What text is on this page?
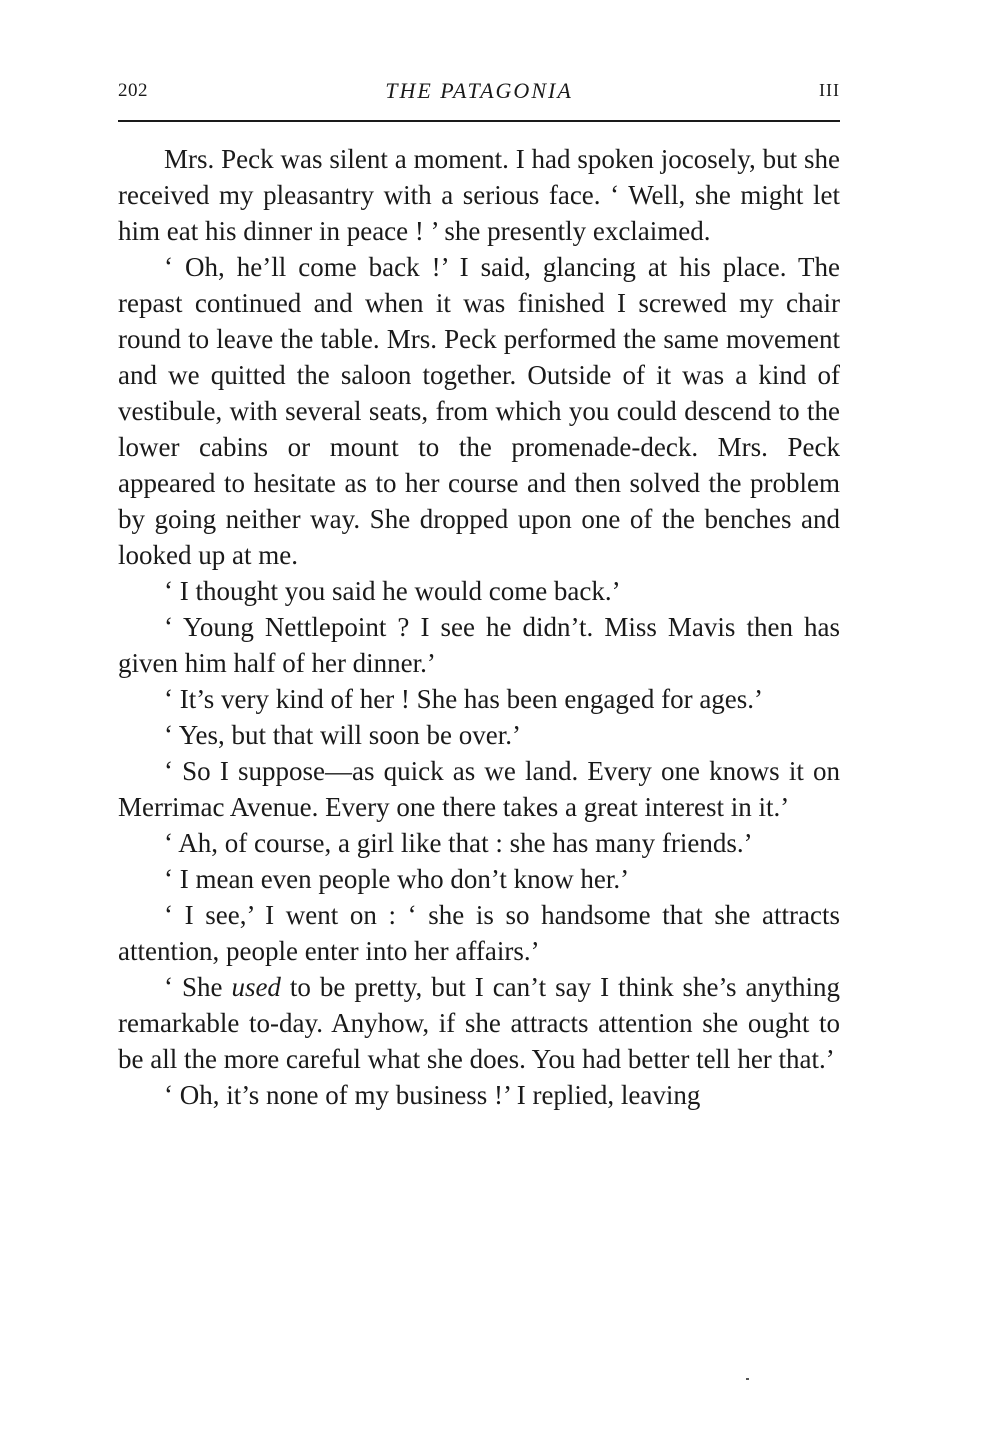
202	THE PATAGONIA	III

Mrs. Peck was silent a moment. I had spoken jocosely, but she received my pleasantry with a serious face. ‘ Well, she might let him eat his dinner in peace ! ’ she presently exclaimed.

‘ Oh, he’ll come back !’ I said, glancing at his place. The repast continued and when it was finished I screwed my chair round to leave the table. Mrs. Peck performed the same movement and we quitted the saloon together. Outside of it was a kind of vestibule, with several seats, from which you could descend to the lower cabins or mount to the promenade-deck. Mrs. Peck appeared to hesitate as to her course and then solved the problem by going neither way. She dropped upon one of the benches and looked up at me.

‘ I thought you said he would come back.’

‘ Young Nettlepoint ? I see he didn’t. Miss Mavis then has given him half of her dinner.’

‘ It’s very kind of her ! She has been engaged for ages.’

‘ Yes, but that will soon be over.’

‘ So I suppose—as quick as we land. Every one knows it on Merrimac Avenue. Every one there takes a great interest in it.’

‘ Ah, of course, a girl like that : she has many friends.’

‘ I mean even people who don’t know her.’

‘ I see,’ I went on : ‘ she is so handsome that she attracts attention, people enter into her affairs.’

‘ She used to be pretty, but I can’t say I think she’s anything remarkable to-day. Anyhow, if she attracts attention she ought to be all the more careful what she does. You had better tell her that.’

‘ Oh, it’s none of my business !’ I replied, leaving
